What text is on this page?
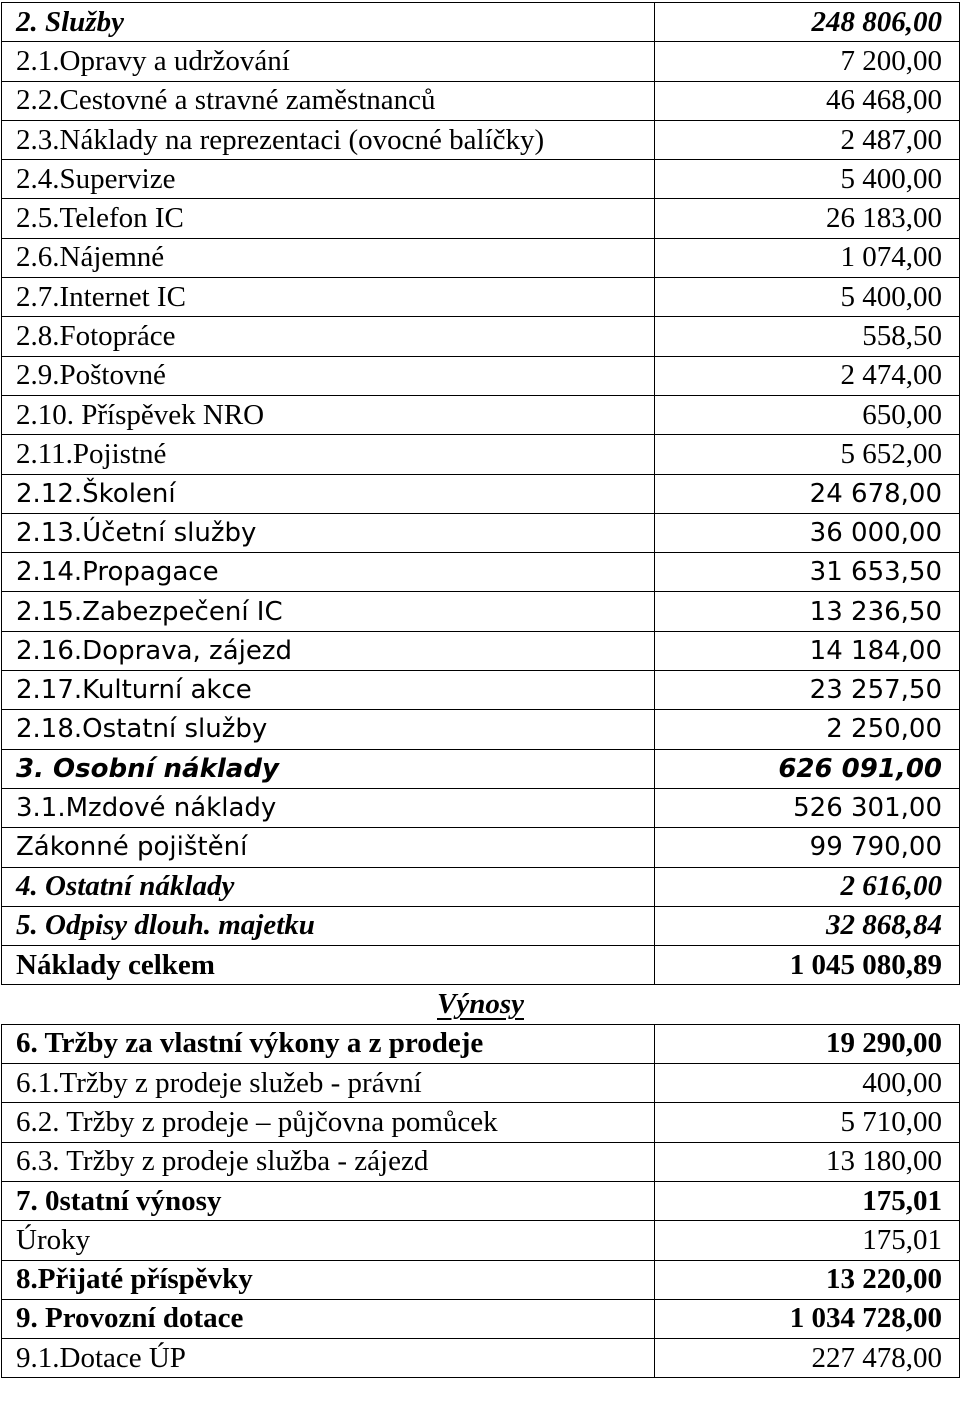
2. Služby	248 806,00
2.1.Opravy a udržování	7 200,00
2.2.Cestovné a stravné zaměstnanců	46 468,00
2.3.Náklady na reprezentaci (ovocné balíčky)	2 487,00
2.4.Supervize	5 400,00
2.5.Telefon IC	26 183,00
2.6.Nájemné	1 074,00
2.7.Internet IC	5 400,00
2.8.Fotopráce	558,50
2.9.Poštovné	2 474,00
2.10. Příspěvek NRO	650,00
2.11.Pojistné	5 652,00
2.12.Školení	24 678,00
2.13.Účetní služby	36 000,00
2.14.Propagace	31 653,50
2.15.Zabezpečení IC	13 236,50
2.16.Doprava, zájezd	14 184,00
2.17.Kulturní akce	23 257,50
2.18.Ostatní služby	2 250,00
3. Osobní náklady	626 091,00
3.1.Mzdové náklady	526 301,00
Zákonné pojištění	99 790,00
4. Ostatní náklady	2 616,00
5. Odpisy dlouh. majetku	32 868,84
Náklady celkem	1 045 080,89
Výnosy	
6. Tržby za vlastní výkony a z prodeje	19 290,00
6.1.Tržby z prodeje služeb - právní	400,00
6.2. Tržby z prodeje – půjčovna pomůcek	5 710,00
6.3. Tržby z prodeje služba - zájezd	13 180,00
7. 0statní výnosy	175,01
Úroky	175,01
8.Přijaté příspěvky	13 220,00
9. Provozní dotace	1 034 728,00
9.1.Dotace ÚP	227 478,00
